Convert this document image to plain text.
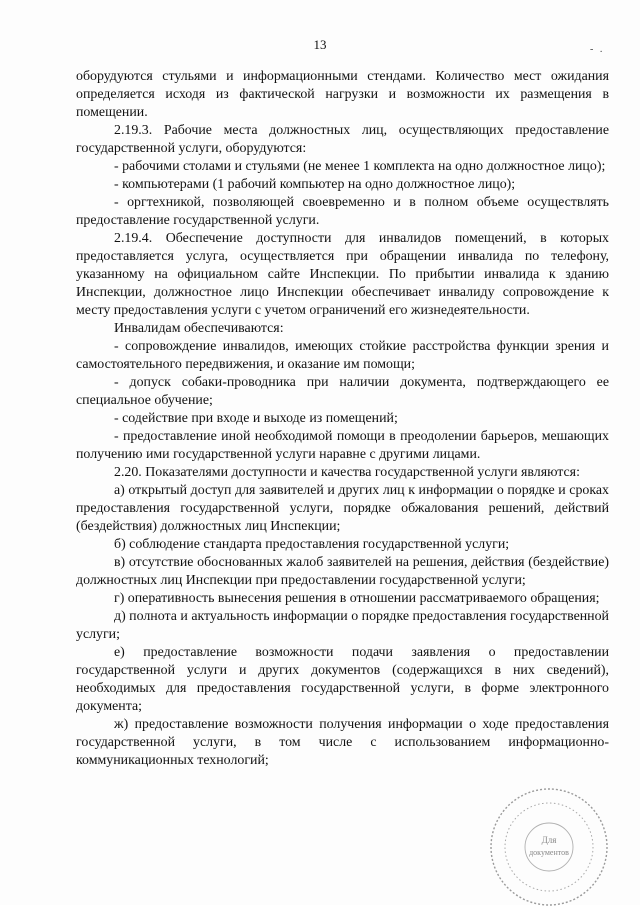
13	- .

оборудуются стульями и информационными стендами. Количество мест ожидания определяется исходя из фактической нагрузки и возможности их размещения в помещении.

2.19.3. Рабочие места должностных лиц, осуществляющих предоставление государственной услуги, оборудуются:

- рабочими столами и стульями (не менее 1 комплекта на одно должностное лицо);

- компьютерами (1 рабочий компьютер на одно должностное лицо);

- оргтехникой, позволяющей своевременно и в полном объеме осуществлять предоставление государственной услуги.

2.19.4. Обеспечение доступности для инвалидов помещений, в которых предоставляется услуга, осуществляется при обращении инвалида по телефону, указанному на официальном сайте Инспекции. По прибытии инвалида к зданию Инспекции, должностное лицо Инспекции обеспечивает инвалиду сопровождение к месту предоставления услуги с учетом ограничений его жизнедеятельности.

Инвалидам обеспечиваются:

- сопровождение инвалидов, имеющих стойкие расстройства функции зрения и самостоятельного передвижения, и оказание им помощи;

- допуск собаки-проводника при наличии документа, подтверждающего ее специальное обучение;

- содействие при входе и выходе из помещений;

- предоставление иной необходимой помощи в преодолении барьеров, мешающих получению ими государственной услуги наравне с другими лицами.

2.20. Показателями доступности и качества государственной услуги являются:

а) открытый доступ для заявителей и других лиц к информации о порядке и сроках предоставления государственной услуги, порядке обжалования решений, действий (бездействия) должностных лиц Инспекции;

б) соблюдение стандарта предоставления государственной услуги;

в) отсутствие обоснованных жалоб заявителей на решения, действия (бездействие) должностных лиц Инспекции при предоставлении государственной услуги;

г) оперативность вынесения решения в отношении рассматриваемого обращения;

д) полнота и актуальность информации о порядке предоставления государственной услуги;

е) предоставление возможности подачи заявления о предоставлении государственной услуги и других документов (содержащихся в них сведений), необходимых для предоставления государственной услуги, в форме электронного документа;

ж) предоставление возможности получения информации о ходе предоставления государственной услуги, в том числе с использованием информационно-коммуникационных технологий;

Для
документов
